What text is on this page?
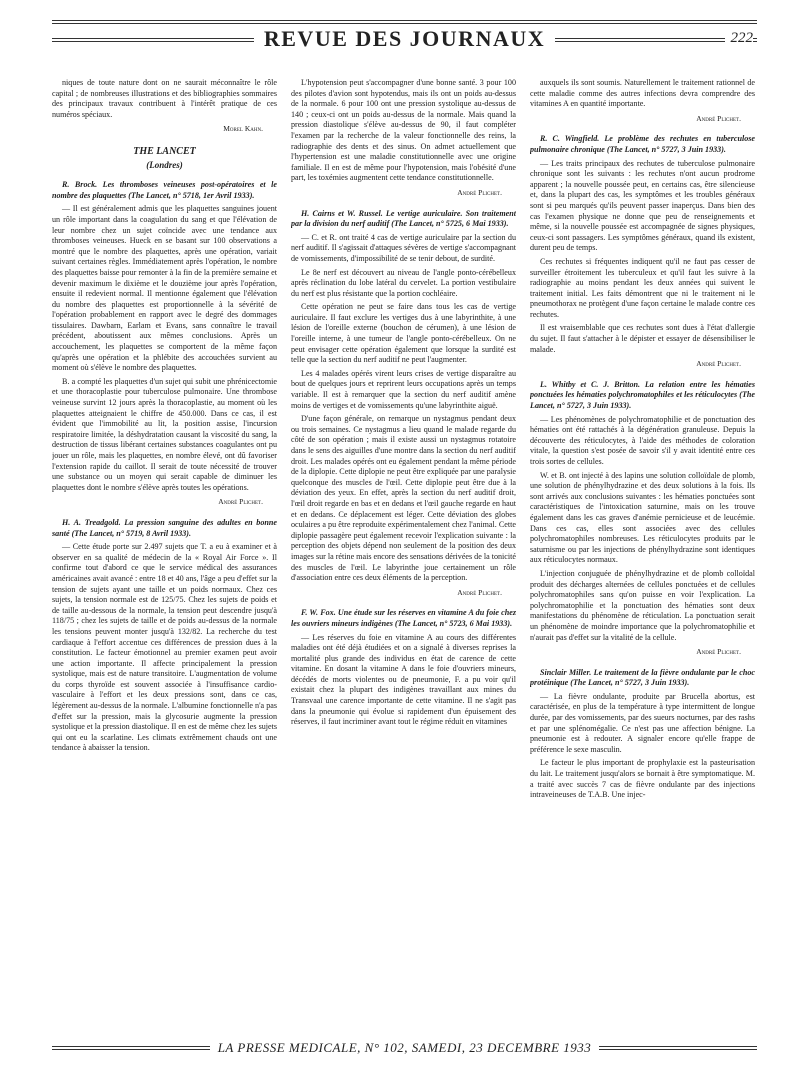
REVUE DES JOURNAUX	222

niques de toute nature dont on ne saurait méconnaître le rôle capital ; de nombreuses illustrations et des bibliographies sommaires des principaux travaux contribuent à l'intérêt pratique de ces numéros spéciaux.

Morel Kahn.

THE LANCET

(Londres)

R. Brock. Les thromboses veineuses post-opératoires et le nombre des plaquettes (The Lancet, n° 5718, 1er Avril 1933).

— Il est généralement admis que les plaquettes sanguines jouent un rôle important dans la coagulation du sang et que l'élévation de leur nombre chez un sujet coïncide avec une tendance aux thromboses veineuses. Hueck en se basant sur 100 observations a montré que le nombre des plaquettes, après une opération, variait suivant certaines règles. Immédiatement après l'opération, le nombre des plaquettes baisse pour remonter à la fin de la première semaine et devenir maximum le dixième et le douzième jour après l'opération, ensuite il redevient normal. Il mentionne également que l'élévation du nombre des plaquettes est proportionnelle à la sévérité de l'opération probablement en rapport avec le degré des dommages tissulaires. Dawbarn, Earlam et Evans, sans connaître le travail précédent, aboutissent aux mêmes conclusions. Après un accouchement, les plaquettes se comportent de la même façon qu'après une opération et la phlébite des accouchées survient au moment où s'élève le nombre des plaquettes.

B. a compté les plaquettes d'un sujet qui subit une phrénicectomie et une thoracoplastie pour tuberculose pulmonaire. Une thrombose veineuse survint 12 jours après la thoracoplastie, au moment où les plaquettes atteignaient le chiffre de 450.000. Dans ce cas, il est évident que l'immobilité au lit, la position assise, l'incursion respiratoire limitée, la déshydratation causant la viscosité du sang, la destruction de tissus libérant certaines substances coagulantes ont pu jouer un rôle, mais les plaquettes, en nombre élevé, ont dû favoriser l'extension rapide du caillot. Il serait de toute nécessité de trouver une substance ou un moyen qui serait capable de diminuer les plaquettes dont le nombre s'élève après toutes les opérations.

André Plichet.

H. A. Treadgold. La pression sanguine des adultes en bonne santé (The Lancet, n° 5719, 8 Avril 1933).

— Cette étude porte sur 2.497 sujets que T. a eu à examiner et à observer en sa qualité de médecin de la « Royal Air Force ». Il confirme tout d'abord ce que le service médical des assurances américaines avait avancé : entre 18 et 40 ans, l'âge a peu d'effet sur la tension de sujets ayant une taille et un poids normaux. Chez ces sujets, la tension normale est de 125/75. Chez les sujets de poids et de taille au-dessous de la normale, la tension peut descendre jusqu'à 118/75 ; chez les sujets de taille et de poids au-dessus de la normale les tensions peuvent monter jusqu'à 132/82. La recherche du test cardiaque à l'effort accentue ces différences de pression dues à la constitution. Le facteur émotionnel au premier examen peut avoir une action importante. Il affecte principalement la pression systolique, mais est de nature transitoire. L'augmentation de volume du corps thyroïde est souvent associée à l'insuffisance cardio-vasculaire à l'effort et les deux pressions sont, dans ce cas, légèrement au-dessus de la normale. L'albumine fonctionnelle n'a pas d'effet sur la pression, mais la glycosurie augmente la pression systolique et la pression diastolique. Il en est de même chez les sujets qui ont eu la scarlatine. Les climats extrêmement chauds ont une tendance à abaisser la tension.

L'hypotension peut s'accompagner d'une bonne santé. 3 pour 100 des pilotes d'avion sont hypotendus, mais ils ont un poids au-dessus de la normale. 6 pour 100 ont une pression systolique au-dessus de 140 ; ceux-ci ont un poids au-dessus de la normale. Mais quand la pression diastolique s'élève au-dessus de 90, il faut compléter l'examen par la recherche de la valeur fonctionnelle des reins, la radiographie des dents et des sinus. On admet actuellement que l'hypertension est une maladie constitutionnelle avec une origine familiale. Il en est de même pour l'hypotension, mais l'obésité d'une part, les toxémies augmentent cette tendance constitutionnelle.

André Plichet.

H. Cairns et W. Russel. Le vertige auriculaire. Son traitement par la division du nerf auditif (The Lancet, n° 5725, 6 Mai 1933).

— C. et R. ont traité 4 cas de vertige auriculaire par la section du nerf auditif. Il s'agissait d'attaques sévères de vertige s'accompagnant de vomissements, d'impossibilité de se tenir debout, de surdité.

Le 8e nerf est découvert au niveau de l'angle ponto-cérébelleux après réclination du lobe latéral du cervelet. La portion vestibulaire du nerf est plus résistante que la portion cochléaire.

Cette opération ne peut se faire dans tous les cas de vertige auriculaire. Il faut exclure les vertiges dus à une labyrinthite, à une lésion de l'oreille externe (bouchon de cérumen), à une lésion de l'oreille interne, à une tumeur de l'angle ponto-cérébelleux. On ne peut envisager cette opération également que lorsque la surdité est telle que la section du nerf auditif ne peut l'augmenter.

Les 4 malades opérés virent leurs crises de vertige disparaître au bout de quelques jours et reprirent leurs occupations après un temps variable. Il est à remarquer que la section du nerf auditif amène moins de vertiges et de vomissements qu'une labyrinthite aiguë.

D'une façon générale, on remarque un nystagmus pendant deux ou trois semaines. Ce nystagmus a lieu quand le malade regarde du côté de son opération ; mais il existe aussi un nystagmus rotatoire dans le sens des aiguilles d'une montre dans la section du nerf auditif droit. Les malades opérés ont eu également pendant la même période de la diplopie. Cette diplopie ne peut être expliquée par une paralysie quelconque des muscles de l'œil. Cette diplopie peut être due à la déviation des yeux. En effet, après la section du nerf auditif droit, l'œil droit regarde en bas et en dedans et l'œil gauche regarde en haut et en dedans. Ce déplacement est léger. Cette déviation des globes oculaires a pu être reproduite expérimentalement chez l'animal. Cette diplopie passagère peut également recevoir l'explication suivante : la perception des objets dépend non seulement de la position des deux images sur la rétine mais encore des sensations dérivées de la tonicité des muscles de l'œil. Le labyrinthe joue certainement un rôle d'association entre ces deux éléments de la perception.

André Plichet.

F. W. Fox. Une étude sur les réserves en vitamine A du foie chez les ouvriers mineurs indigènes (The Lancet, n° 5723, 6 Mai 1933).

— Les réserves du foie en vitamine A au cours des différentes maladies ont été déjà étudiées et on a signalé à diverses reprises la mortalité plus grande des individus en état de carence de cette vitamine. En dosant la vitamine A dans le foie d'ouvriers mineurs, décédés de morts violentes ou de pneumonie, F. a pu voir qu'il existait chez la plupart des indigènes travaillant aux mines du Transvaal une carence importante de cette vitamine. Il ne s'agit pas dans la pneumonie qui évolue si rapidement d'un épuisement des réserves, il faut incriminer avant tout le régime réduit en vitamines

auxquels ils sont soumis. Naturellement le traitement rationnel de cette maladie comme des autres infections devra comprendre des vitamines A en quantité importante.

André Plichet.

R. C. Wingfield. Le problème des rechutes en tuberculose pulmonaire chronique (The Lancet, n° 5727, 3 Juin 1933).

— Les traits principaux des rechutes de tuberculose pulmonaire chronique sont les suivants : les rechutes n'ont aucun prodrome apparent ; la nouvelle poussée peut, en certains cas, être silencieuse et, dans la plupart des cas, les symptômes et les troubles généraux sont si peu marqués qu'ils peuvent passer inaperçus. Dans bien des cas l'examen physique ne donne que peu de renseignements et même, si la nouvelle poussée est accompagnée de signes physiques, ceux-ci sont passagers. Les symptômes généraux, quand ils existent, durent peu de temps.

Ces rechutes si fréquentes indiquent qu'il ne faut pas cesser de surveiller étroitement les tuberculeux et qu'il faut les suivre à la radiographie au moins pendant les deux années qui suivent le traitement initial. Les faits démontrent que ni le traitement ni le pneumothorax ne protègent d'une façon certaine le malade contre ces rechutes.

Il est vraisemblable que ces rechutes sont dues à l'état d'allergie du sujet. Il faut s'attacher à le dépister et essayer de désensibiliser le malade.

André Plichet.

L. Whitby et C. J. Britton. La relation entre les hématies ponctuées les hématies polychromatophiles et les réticulocytes (The Lancet, n° 5727, 3 Juin 1933).

— Les phénomènes de polychromatophilie et de ponctuation des hématies ont été rattachés à la dégénération granuleuse. Depuis la découverte des réticulocytes, à l'aide des méthodes de coloration vitale, la question s'est posée de savoir s'il y avait identité entre ces trois sortes de cellules.

W. et B. ont injecté à des lapins une solution colloïdale de plomb, une solution de phénylhydrazine et des deux solutions à la fois. Ils sont arrivés aux conclusions suivantes : les hématies ponctuées sont caractéristiques de l'intoxication saturnine, mais on les trouve également dans les cas graves d'anémie pernicieuse et de leucémie. Dans ces cas, elles sont associées avec des cellules polychromatophiles nombreuses. Les réticulocytes produits par le saturnisme ou par les injections de phénylhydrazine sont identiques aux réticulocytes normaux.

L'injection conjuguée de phénylhydrazine et de plomb colloïdal produit des décharges alternées de cellules ponctuées et de cellules polychromatophiles sans qu'on puisse en voir l'explication. La polychromatophilie et la ponctuation des hématies sont deux manifestations du phénomène de réticulation. La ponctuation serait un phénomène de moindre importance que la polychromatophilie et n'aurait pas d'effet sur la vitalité de la cellule.

André Plichet.

Sinclair Miller. Le traitement de la fièvre ondulante par le choc protéinique (The Lancet, n° 5727, 3 Juin 1933).

— La fièvre ondulante, produite par Brucella abortus, est caractérisée, en plus de la température à type intermittent de longue durée, par des vomissements, par des sueurs nocturnes, par des rashs et par une splénomégalie. Ce n'est pas une affection bénigne. La pneumonie est à redouter. A signaler encore qu'elle frappe de préférence le sexe masculin.

Le facteur le plus important de prophylaxie est la pasteurisation du lait. Le traitement jusqu'alors se bornait à être symptomatique. M. a traité avec succès 7 cas de fièvre ondulante par des injections intraveineuses de T.A.B. Une injec-

LA PRESSE MEDICALE, N° 102, SAMEDI, 23 DECEMBRE 1933
